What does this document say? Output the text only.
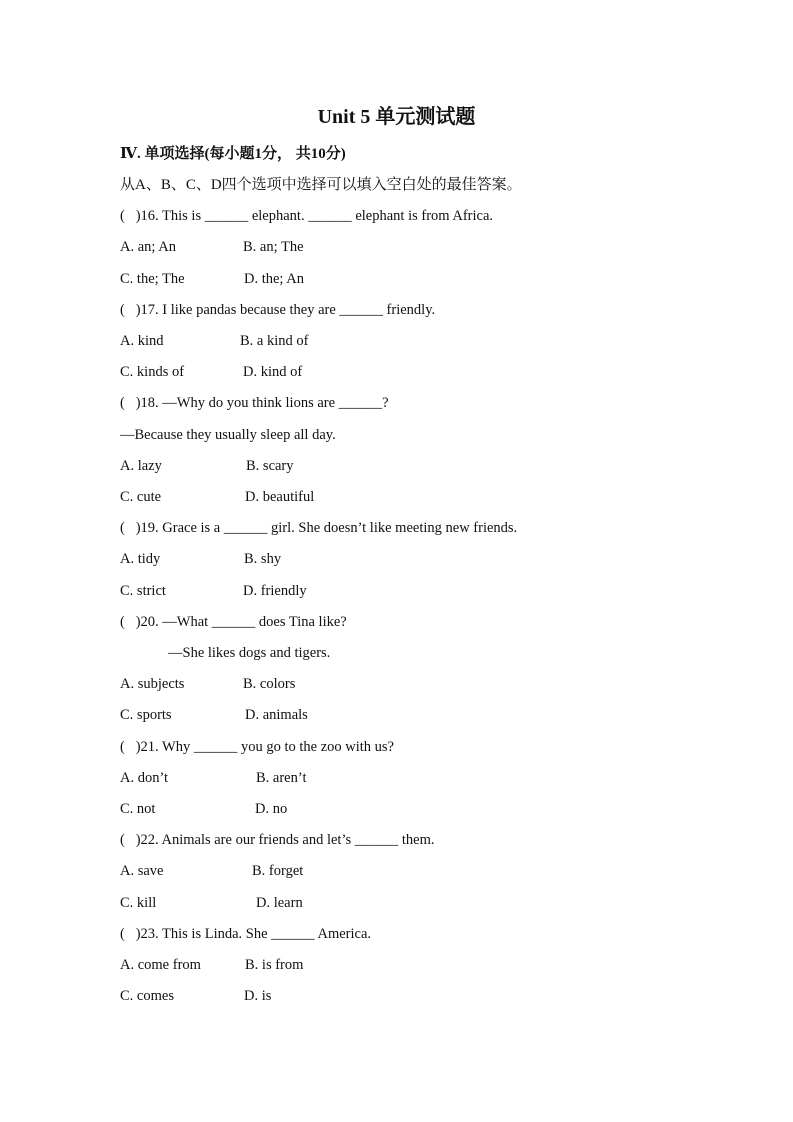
Unit 5 单元测试题
Ⅳ. 单项选择(每小题1分， 共10分)
从A、B、C、D四个选项中选择可以填入空白处的最佳答案。
(   )16. This is ______ elephant. ______ elephant is from Africa.

A. an; An

	B. an; The

C. the; The

	D. the; An

(   )17. I like pandas because they are ______ friendly.

A. kind

	B. a kind of

C. kinds of

	D. kind of

(   )18. —Why do you think lions are ______?
—Because they usually sleep all day.

A. lazy

	B. scary

C. cute

	D. beautiful

(   )19. Grace is a ______ girl. She doesn’t like meeting new friends.

A. tidy

	B. shy

C. strict

	D. friendly

(   )20. —What ______ does Tina like?
—She likes dogs and tigers.

A. subjects

	B. colors

C. sports

	D. animals

(   )21. Why ______ you go to the zoo with us?

A. don’t

	B. aren’t

C. not

	D. no

(   )22. Animals are our friends and let’s ______ them.

A. save

	B. forget

C. kill

	D. learn

(   )23. This is Linda. She ______ America.

A. come from

	B. is from

C. comes

	D. is
